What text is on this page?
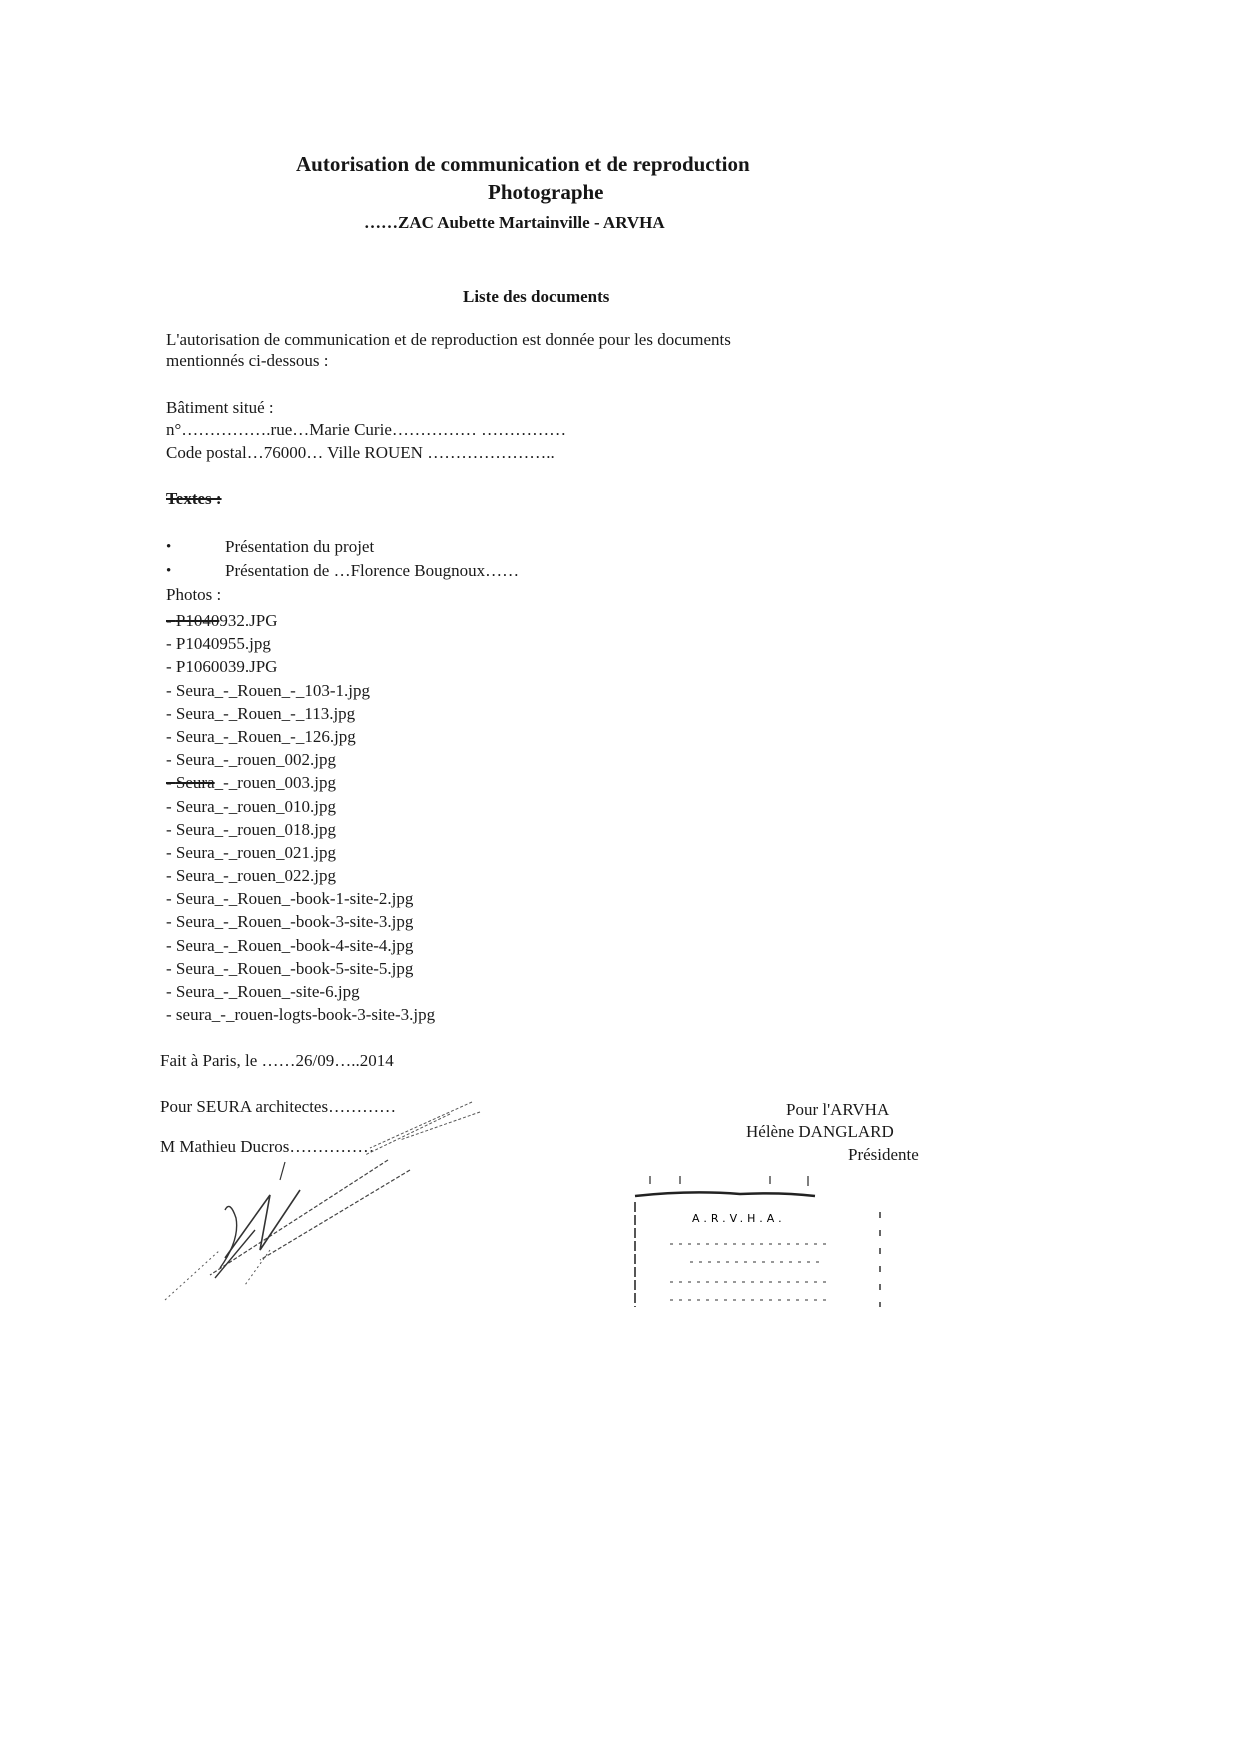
Autorisation de communication et de reproduction
Photographe
……ZAC Aubette Martainville - ARVHA
Liste des documents
L'autorisation de communication et de reproduction est donnée pour les documents
mentionnés ci-dessous :
Bâtiment situé :
n°…………….rue…Marie Curie…………… ……………
Code postal…76000… Ville ROUEN …………………..
Textes :
•	Présentation du projet
•	Présentation de …Florence Bougnoux……
Photos :
- P1040932.JPG
- P1040955.jpg
- P1060039.JPG
- Seura_-_Rouen_-_103-1.jpg
- Seura_-_Rouen_-_113.jpg
- Seura_-_Rouen_-_126.jpg
- Seura_-_rouen_002.jpg
- Seura_-_rouen_003.jpg
- Seura_-_rouen_010.jpg
- Seura_-_rouen_018.jpg
- Seura_-_rouen_021.jpg
- Seura_-_rouen_022.jpg
- Seura_-_Rouen_-book-1-site-2.jpg
- Seura_-_Rouen_-book-3-site-3.jpg
- Seura_-_Rouen_-book-4-site-4.jpg
- Seura_-_Rouen_-book-5-site-5.jpg
- Seura_-_Rouen_-site-6.jpg
- seura_-_rouen-logts-book-3-site-3.jpg
Fait à Paris, le ……26/09…..2014
Pour SEURA architectes…………
M Mathieu Ducros……………
Pour l'ARVHA
Hélène DANGLARD
Présidente
A.R.V.H.A.
